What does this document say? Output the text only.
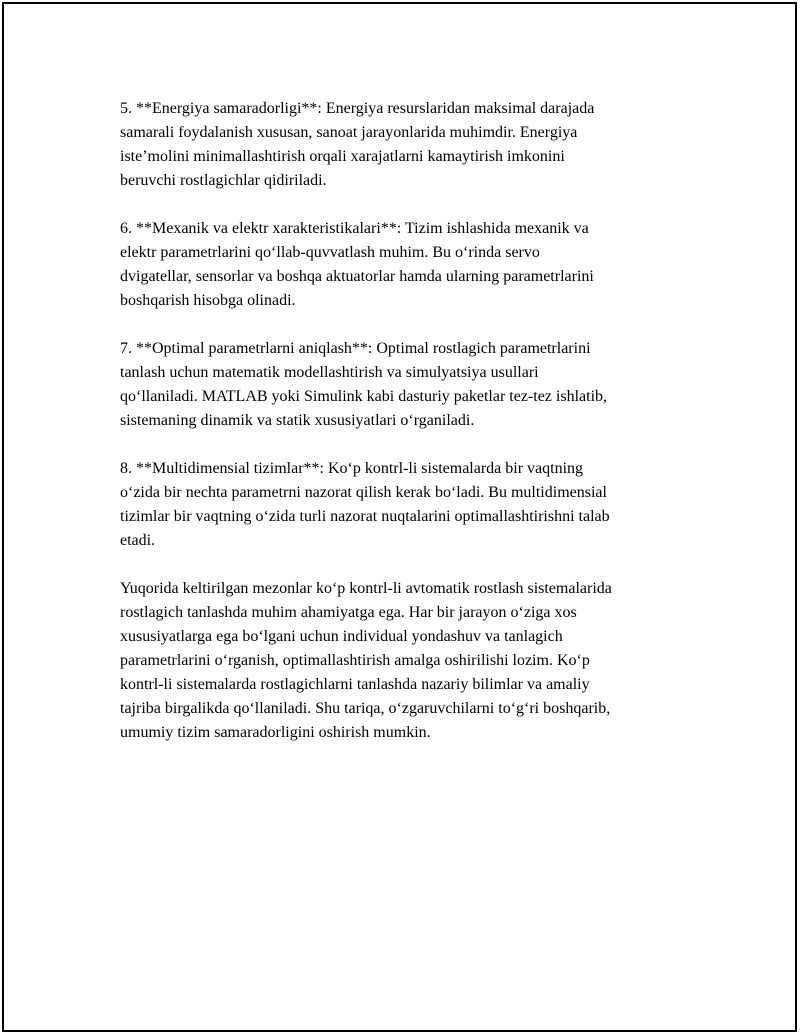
5. **Energiya samaradorligi**: Energiya resurslaridan maksimal darajada
samarali foydalanish xususan, sanoat jarayonlarida muhimdir. Energiya
iste’molini minimallashtirish orqali xarajatlarni kamaytirish imkonini
beruvchi rostlagichlar qidiriladi.

6. **Mexanik va elektr xarakteristikalari**: Tizim ishlashida mexanik va
elektr parametrlarini qo‘llab-quvvatlash muhim. Bu o‘rinda servo
dvigatellar, sensorlar va boshqa aktuatorlar hamda ularning parametrlarini
boshqarish hisobga olinadi.

7. **Optimal parametrlarni aniqlash**: Optimal rostlagich parametrlarini
tanlash uchun matematik modellashtirish va simulyatsiya usullari
qo‘llaniladi. MATLAB yoki Simulink kabi dasturiy paketlar tez-tez ishlatib,
sistemaning dinamik va statik xususiyatlari o‘rganiladi.

8. **Multidimensial tizimlar**: Ko‘p kontrl-li sistemalarda bir vaqtning
o‘zida bir nechta parametrni nazorat qilish kerak bo‘ladi. Bu multidimensial
tizimlar bir vaqtning o‘zida turli nazorat nuqtalarini optimallashtirishni talab
etadi.

Yuqorida keltirilgan mezonlar ko‘p kontrl-li avtomatik rostlash sistemalarida
rostlagich tanlashda muhim ahamiyatga ega. Har bir jarayon o‘ziga xos
xususiyatlarga ega bo‘lgani uchun individual yondashuv va tanlagich
parametrlarini o‘rganish, optimallashtirish amalga oshirilishi lozim. Ko‘p
kontrl-li sistemalarda rostlagichlarni tanlashda nazariy bilimlar va amaliy
tajriba birgalikda qo‘llaniladi. Shu tariqa, o‘zgaruvchilarni to‘g‘ri boshqarib,
umumiy tizim samaradorligini oshirish mumkin.
